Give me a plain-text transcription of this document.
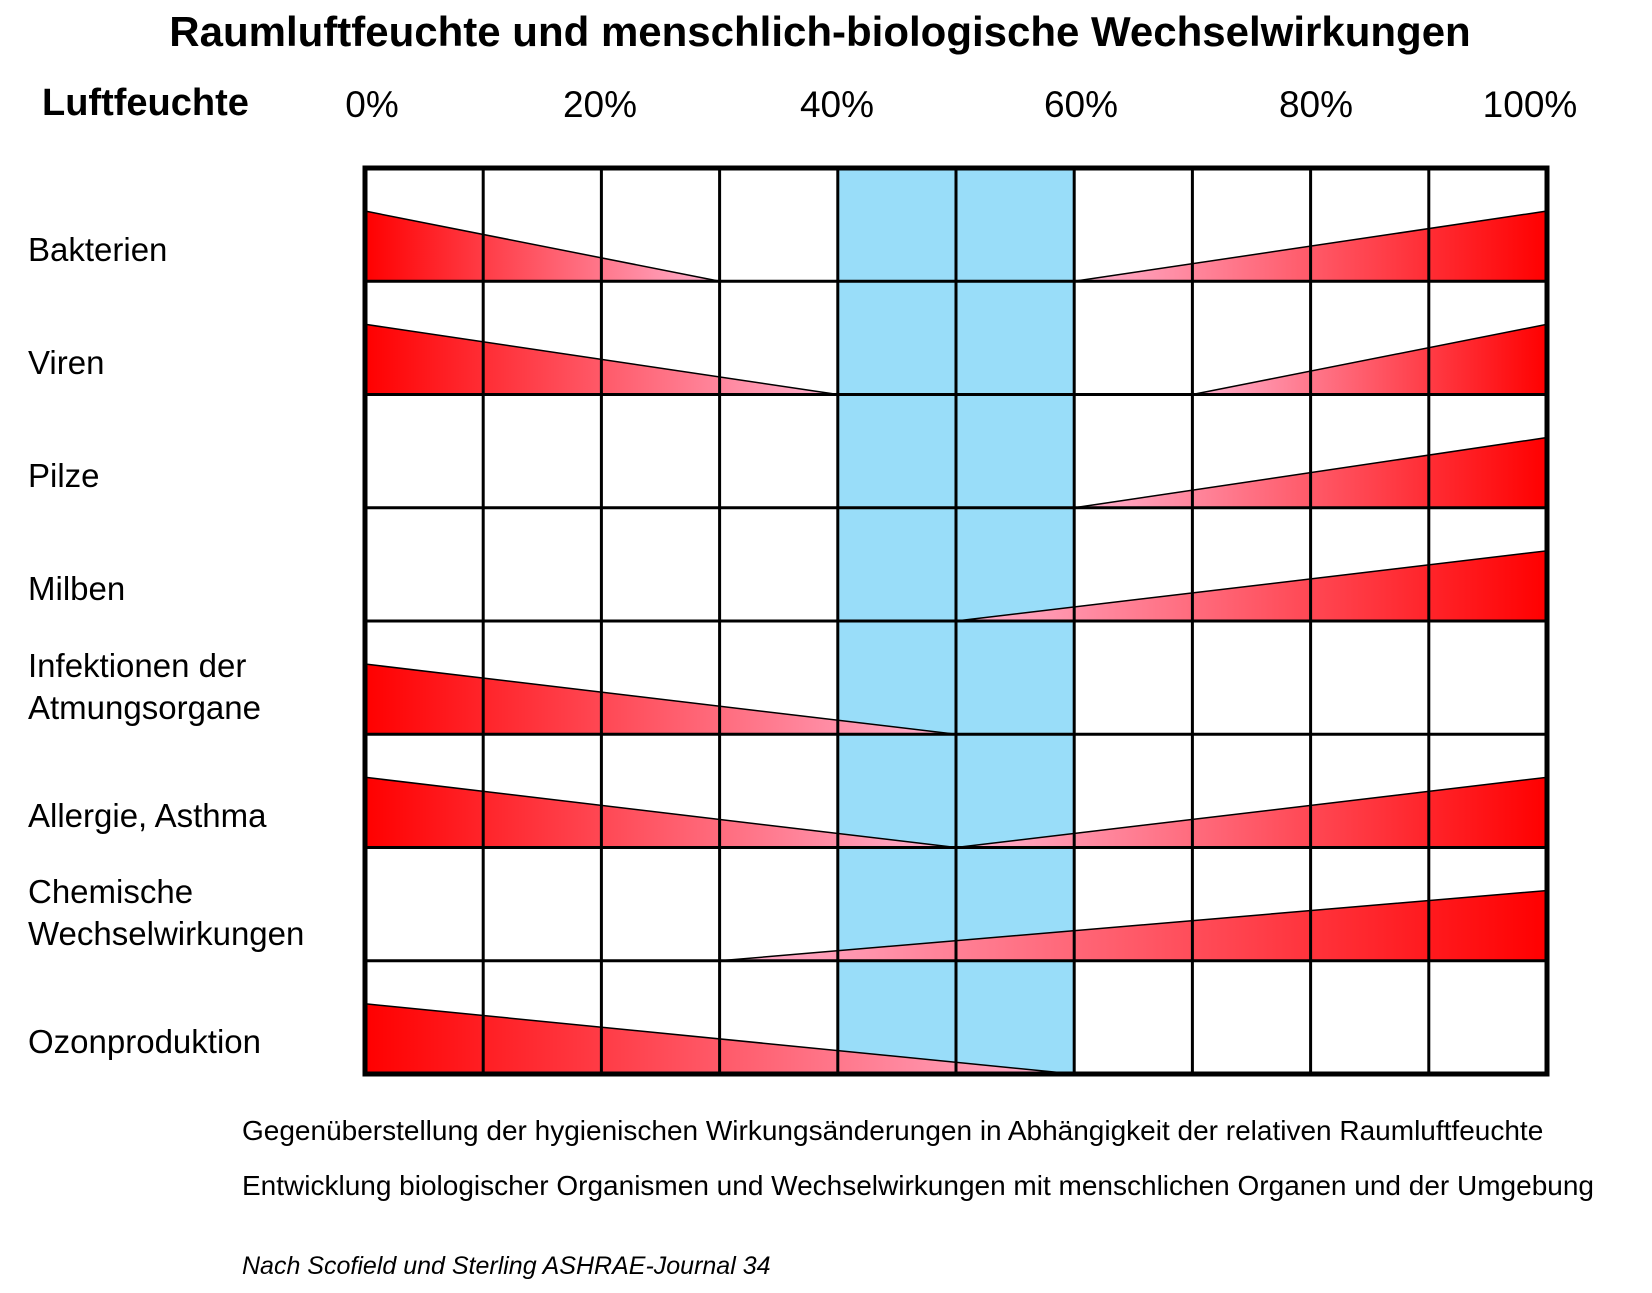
Raumluftfeuchte und menschlich-biologische Wechselwirkungen
Luftfeuchte	0%	20%	40%	60%	80%	100%
Bakterien
Viren
Pilze
Milben
Infektionen der
Atmungsorgane
Allergie, Asthma
Chemische
Wechselwirkungen
Ozonproduktion
Gegenüberstellung der hygienischen Wirkungsänderungen in Abhängigkeit der relativen Raumluftfeuchte
Entwicklung biologischer Organismen und Wechselwirkungen mit menschlichen Organen und der Umgebung
Nach Scofield und Sterling ASHRAE-Journal 34
